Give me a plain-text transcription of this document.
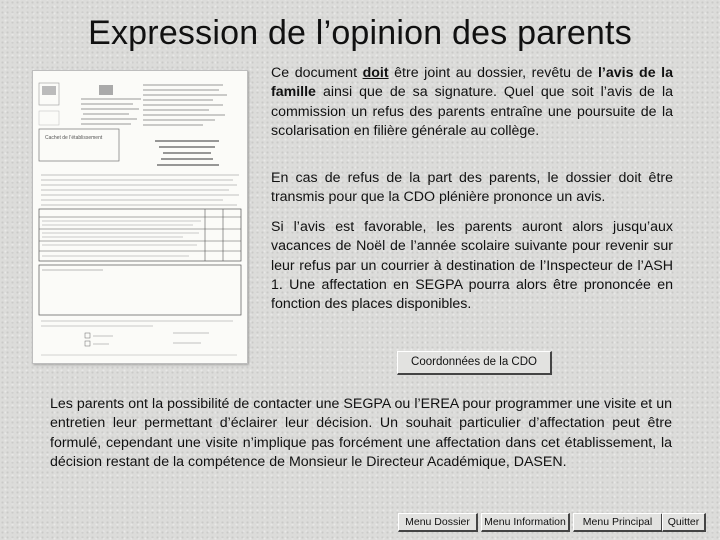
Expression de l’opinion des parents
Cachet de l’établissement
Ce document doit être joint au dossier, revêtu de l’avis de la famille ainsi que de sa signature. Quel que soit l’avis de la commission un refus des parents entraîne une poursuite de la scolarisation en filière générale au collège.
En cas de refus de la part des parents, le dossier doit être transmis pour que la CDO plénière prononce un avis.
Si l’avis est favorable, les parents auront alors jusqu’aux vacances de Noël de l’année scolaire suivante pour revenir sur leur refus par un courrier à destination de l’Inspecteur de l’ASH 1. Une affectation en SEGPA pourra alors être prononcée en fonction des places disponibles.
Coordonnées de la CDO
Les parents ont la possibilité de contacter une SEGPA ou l’EREA pour programmer une visite et un entretien leur permettant d’éclairer leur décision. Un souhait particulier d’affectation peut être formulé, cependant une visite n’implique pas forcément une affectation dans cet établissement, la décision restant de la compétence de Monsieur le Directeur Académique, DASEN.
Menu Dossier	Menu Information	Menu Principal	Quitter
